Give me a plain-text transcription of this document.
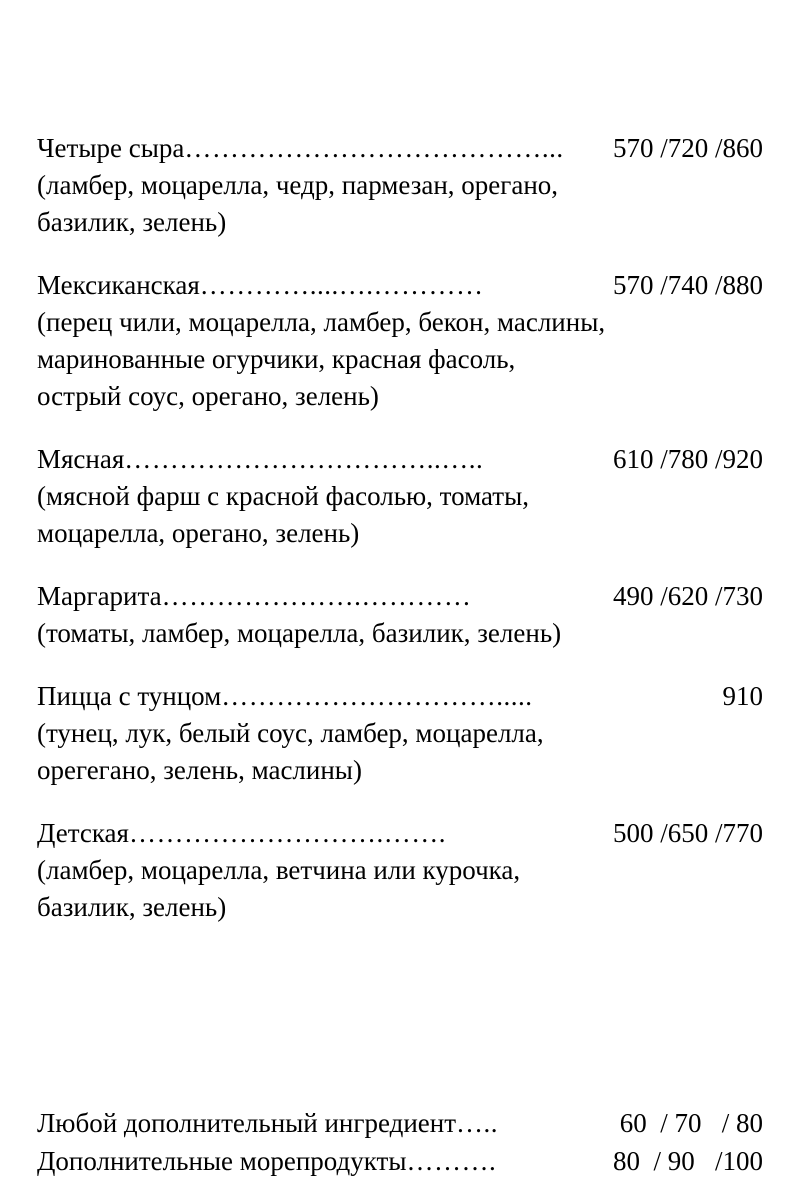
Четыре сыра …………………………………...	570 /720 /860
(ламбер, моцарелла, чедр, пармезан, орегано,
базилик, зелень)
Мексиканская …………....….…………	570 /740 /880
(перец чили, моцарелла, ламбер, бекон, маслины,
маринованные огурчики, красная фасоль,
острый соус, орегано, зелень)
Мясная ……………………………..…..	610 /780 /920
(мясной фарш с красной фасолью, томаты,
моцарелла, орегано, зелень)
Маргарита ………………….…………	490 /620 /730
(томаты, ламбер, моцарелла, базилик, зелень)
Пицца с тунцом ………………………….....	910
(тунец, лук, белый соус, ламбер, моцарелла,
орегегано, зелень, маслины)
Детская ……………………….…….	500 /650 /770
(ламбер, моцарелла, ветчина или курочка,
базилик, зелень)
Любой дополнительный ингредиент …..	60  / 70   / 80
Дополнительные морепродукты ……….	80  / 90   /100
